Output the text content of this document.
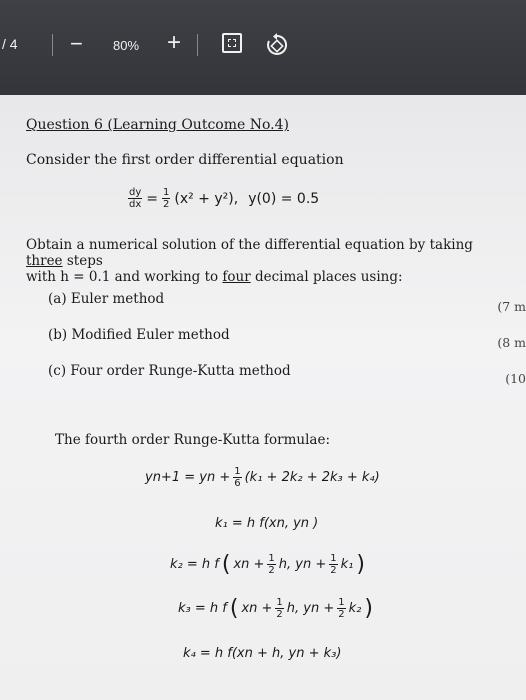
/ 4 − 80% +
Question 6 (Learning Outcome No.4)
Consider the first order differential equation
$\frac{dy}{dx} = \frac{1}{2} (x^2 + y^2)$, y(0) = 0.5
Obtain a numerical solution of the differential equation by taking three steps
with h = 0.1 and working to four decimal places using:
(a) Euler method	(7 m
(b) Modified Euler method	(8 m
(c) Four order Runge-Kutta method	(10
The fourth order Runge-Kutta formulae:
yn+1 = yn + $\frac{1}{6} (k_1 + 2k_2 + 2k_3 + k_4)$
k₁ = h f(xn, yn )
k₂ = h f ( xn + $\frac{1}{2} h$, yn + $\frac{1}{2} k_1$ )
k₃ = h f ( xn + $\frac{1}{2} h$, yn + $\frac{1}{2} k_2$ )
k₄ = h f(xn + h, yn + k₃)
